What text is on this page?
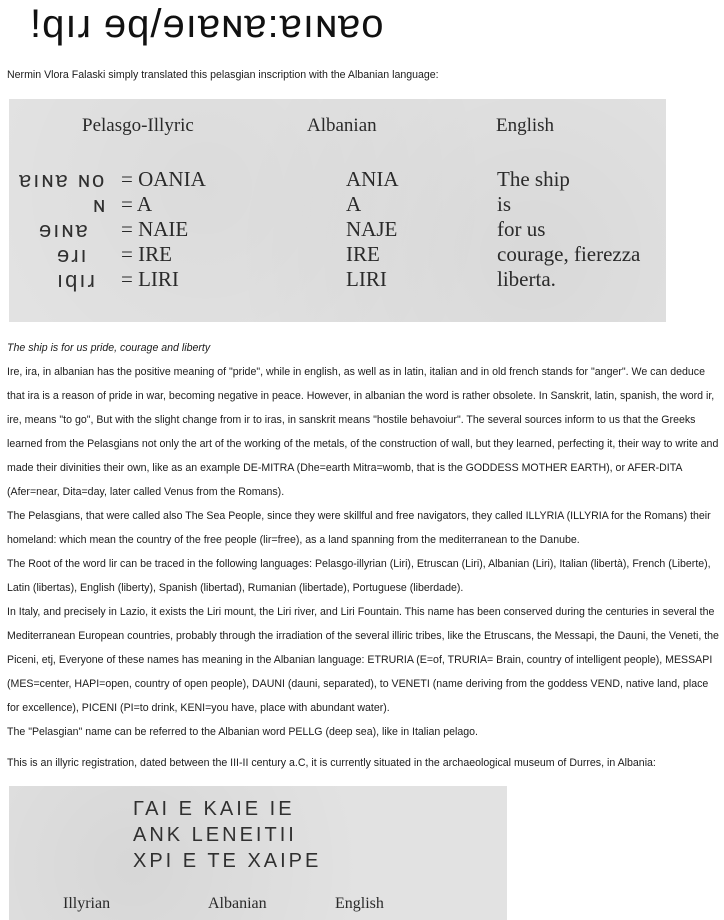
!qıɹ ɘq/ɘıɐɴɐ:ɐıɴɐo
Nermin Vlora Falaski simply translated this pelasgian inscription with the Albanian language:
Pelasgo-Illyric	Albanian	English
ɐıɴɐ ɴo = OANIA	ANIA	The ship
ɴ = A	A	is
ɘıɴɐ = NAIE	NAJE	for us
ɘɹı = IRE	IRE	courage, fierezza
ıqıɹ = LIRI	LIRI	liberta.

The ship is for us pride, courage and liberty

Ire, ira, in albanian has the positive meaning of "pride", while in english, as well as in latin, italian and in old french stands for "anger". We can deduce that ira is a reason of pride in war, becoming negative in peace. However, in albanian the word is rather obsolete. In Sanskrit, latin, spanish, the word ir, ire, means "to go", But with the slight change from ir to iras, in sanskrit means "hostile behavoiur". The several sources inform to us that the Greeks learned from the Pelasgians not only the art of the working of the metals, of the construction of wall, but they learned, perfecting it, their way to write and made their divinities their own, like as an example DE-MITRA (Dhe=earth Mitra=womb, that is the GODDESS MOTHER EARTH), or AFER-DITA (Afer=near, Dita=day, later called Venus from the Romans).

The Pelasgians, that were called also The Sea People, since they were skillful and free navigators, they called ILLYRIA (ILLYRIA for the Romans) their homeland: which mean the country of the free people (lir=free), as a land spanning from the mediterranean to the Danube.

The Root of the word lir can be traced in the following languages: Pelasgo-illyrian (Liri), Etruscan (Liri), Albanian (Liri), Italian (libertà), French (Liberte), Latin (libertas), English (liberty), Spanish (libertad), Rumanian (libertade), Portuguese (liberdade).

In Italy, and precisely in Lazio, it exists the Liri mount, the Liri river, and Liri Fountain. This name has been conserved during the centuries in several the Mediterranean European countries, probably through the irradiation of the several illiric tribes, like the Etruscans, the Messapi, the Dauni, the Veneti, the Piceni, etj, Everyone of these names has meaning in the Albanian language: ETRURIA (E=of, TRURIA= Brain, country of intelligent people), MESSAPI (MES=center, HAPI=open, country of open people), DAUNI (dauni, separated), to VENETI (name deriving from the goddess VEND, native land, place for excellence), PICENI (PI=to drink, KENI=you have, place with abundant water).

The "Pelasgian" name can be referred to the Albanian word PELLG (deep sea), like in Italian pelago.

This is an illyric registration, dated between the III-II century a.C, it is currently situated in the archaeological museum of Durres, in Albania:
ΓΑΙ Ε ΚΑΙΕ ΙΕ
ΑΝΚ LENEITII
ΧΡΙ Ε ΤΕ ΧΑΙΡΕ
Illyrian	Albanian	English
